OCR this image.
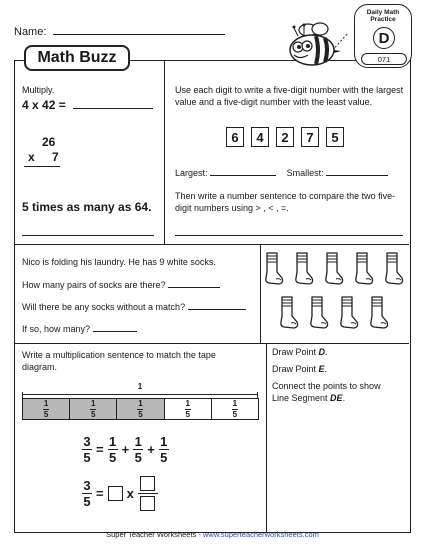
Name:
Math Buzz
Daily Math
Practice
D
071
Multiply.
4 x 42 =
26
x 7
5 times as many as 64.
Use each digit to write a five-digit number with the largest value and a five-digit number with the least value.
6	4	2	7	5
Largest:	Smallest:
Then write a number sentence to compare the two five-digit numbers using > , < , =.
Nico is folding his laundry. He has 9 white socks.
How many pairs of socks are there?
Will there be any socks without a match?
If so, how many?
Write a multiplication sentence to match the tape diagram.
1
1
5
1
5
1
5
1
5
1
5
$\frac{3}{5} = \frac{1}{5} + \frac{1}{5} + \frac{1}{5}$
$\frac{3}{5} = x$
Draw Point D.
Draw Point E.
Connect the points to show
Line Segment DE.
Super Teacher Worksheets - www.superteacherworksheets.com
